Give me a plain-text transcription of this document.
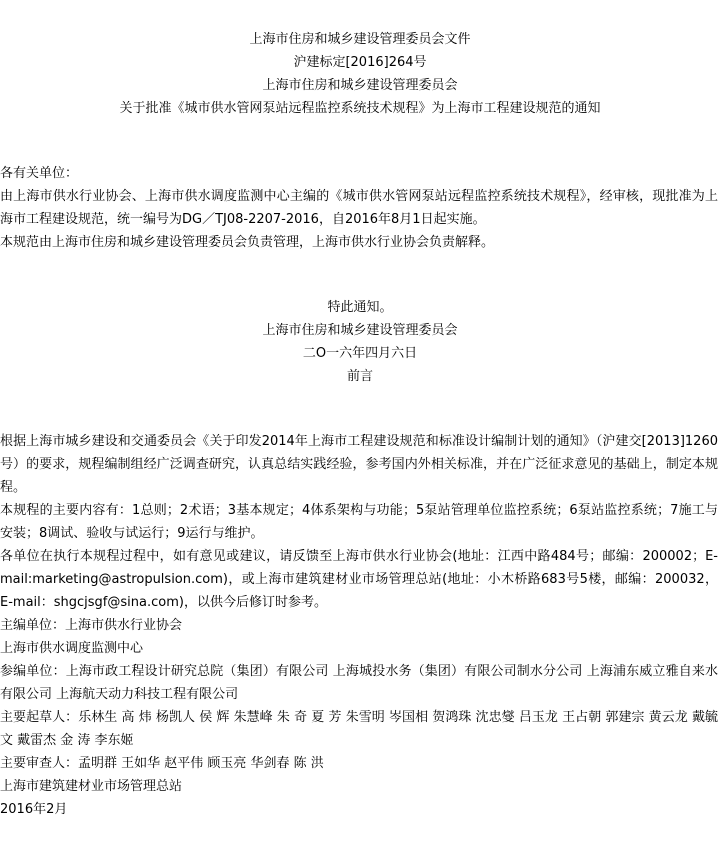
上海市住房和城乡建设管理委员会文件
沪建标定[2016]264号
上海市住房和城乡建设管理委员会
关于批准《城市供水管网泵站远程监控系统技术规程》为上海市工程建设规范的通知
各有关单位：

由上海市供水行业协会、上海市供水调度监测中心主编的《城市供水管网泵站远程监控系统技术规程》，经审核，现批准为上海市工程建设规范，统一编号为DG／TJ08-2207-2016，自2016年8月1日起实施。

本规范由上海市住房和城乡建设管理委员会负责管理，上海市供水行业协会负责解释。

特此通知。
上海市住房和城乡建设管理委员会
二O一六年四月六日
前言

根据上海市城乡建设和交通委员会《关于印发2014年上海市工程建设规范和标准设计编制计划的通知》（沪建交[2013]1260号）的要求，规程编制组经广泛调查研究，认真总结实践经验，参考国内外相关标准，并在广泛征求意见的基础上，制定本规程。

本规程的主要内容有：1总则；2术语；3基本规定；4体系架构与功能；5泵站管理单位监控系统；6泵站监控系统；7施工与安装；8调试、验收与试运行；9运行与维护。

各单位在执行本规程过程中，如有意见或建议，请反馈至上海市供水行业协会(地址：江西中路484号；邮编：200002；E-mail:marketing@astropulsion.com)，或上海市建筑建材业市场管理总站(地址：小木桥路683号5楼，邮编：200032，E-mail：shgcjsgf@sina.com)，以供今后修订时参考。

主编单位：上海市供水行业协会

上海市供水调度监测中心

参编单位：上海市政工程设计研究总院（集团）有限公司 上海城投水务（集团）有限公司制水分公司 上海浦东威立雅自来水有限公司 上海航天动力科技工程有限公司

主要起草人：乐林生 高 炜 杨凯人 侯 辉 朱慧峰 朱 奇 夏 芳 朱雪明 岑国相 贺鸿珠 沈忠燮 吕玉龙 王占朝 郭建宗 黄云龙 戴毓文 戴雷杰 金 涛 李东姬

主要审查人：孟明群 王如华 赵平伟 顾玉亮 华剑春 陈 洪

上海市建筑建材业市场管理总站

2016年2月
